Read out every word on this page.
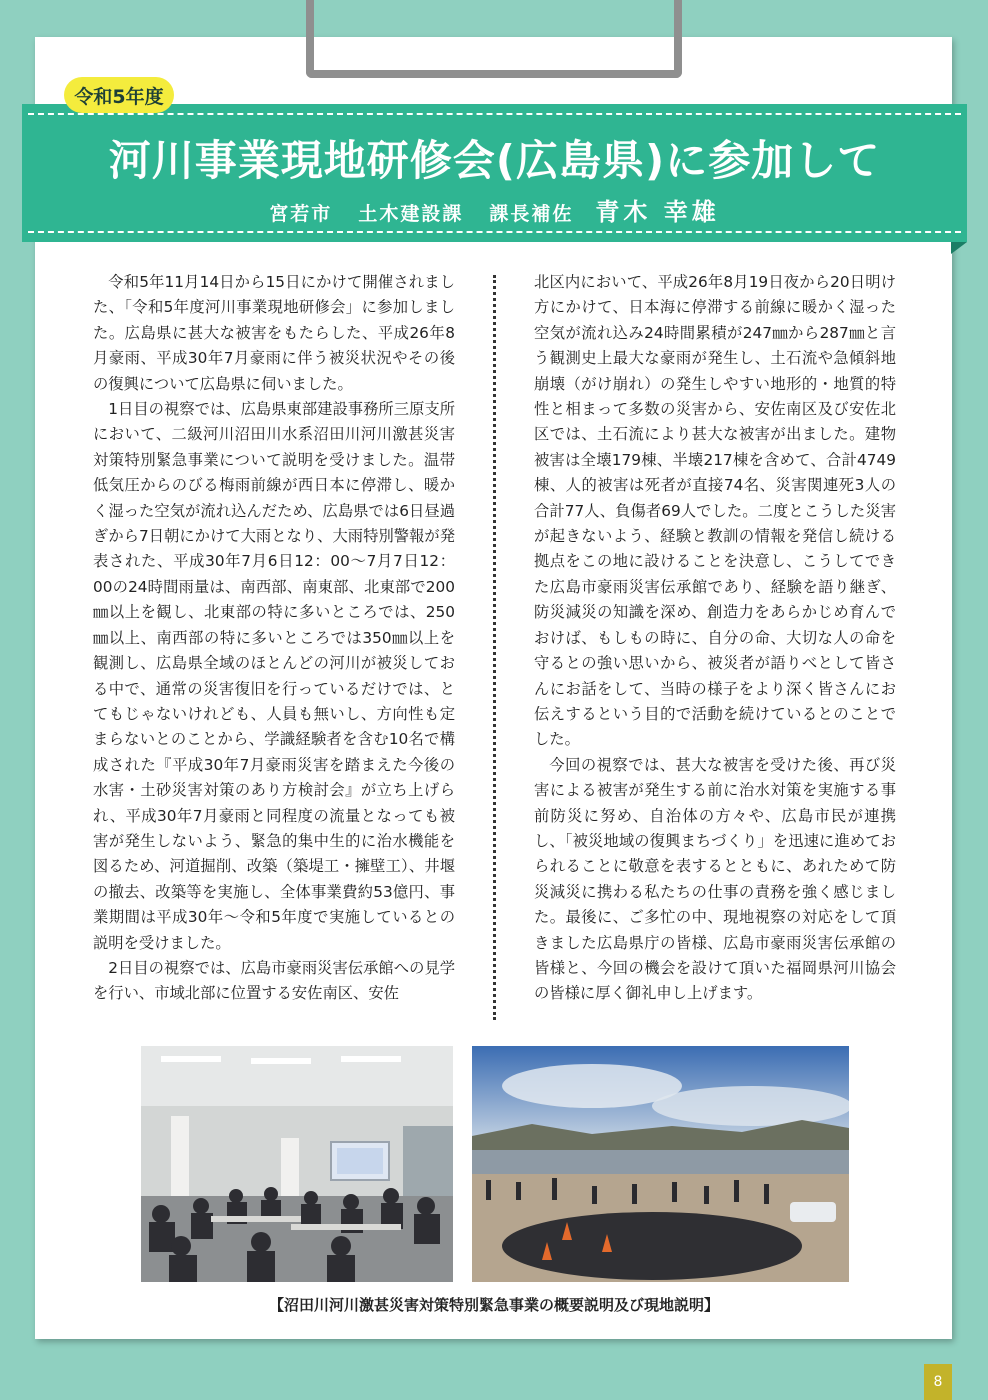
令和5年度
河川事業現地研修会(広島県)に参加して
宮若市 土木建設課 課長補佐 青木 幸雄

令和5年11月14日から15日にかけて開催されました、「令和5年度河川事業現地研修会」に参加しました。広島県に甚大な被害をもたらした、平成26年8月豪雨、平成30年7月豪雨に伴う被災状況やその後の復興について広島県に伺いました。

1日目の視察では、広島県東部建設事務所三原支所において、二級河川沼田川水系沼田川河川激甚災害対策特別緊急事業について説明を受けました。温帯低気圧からのびる梅雨前線が西日本に停滞し、暖かく湿った空気が流れ込んだため、広島県では6日昼過ぎから7日朝にかけて大雨となり、大雨特別警報が発表された、平成30年7月6日12：00～7月7日12：00の24時間雨量は、南西部、南東部、北東部で200㎜以上を観し、北東部の特に多いところでは、250㎜以上、南西部の特に多いところでは350㎜以上を観測し、広島県全域のほとんどの河川が被災しておる中で、通常の災害復旧を行っているだけでは、とてもじゃないけれども、人員も無いし、方向性も定まらないとのことから、学識経験者を含む10名で構成された『平成30年7月豪雨災害を踏まえた今後の水害・土砂災害対策のあり方検討会』が立ち上げられ、平成30年7月豪雨と同程度の流量となっても被害が発生しないよう、緊急的集中生的に治水機能を図るため、河道掘削、改築（築堤工・擁壁工）、井堰の撤去、改築等を実施し、全体事業費約53億円、事業期間は平成30年～令和5年度で実施しているとの説明を受けました。

2日目の視察では、広島市豪雨災害伝承館への見学を行い、市域北部に位置する安佐南区、安佐

北区内において、平成26年8月19日夜から20日明け方にかけて、日本海に停滞する前線に暖かく湿った空気が流れ込み24時間累積が247㎜から287㎜と言う観測史上最大な豪雨が発生し、土石流や急傾斜地崩壊（がけ崩れ）の発生しやすい地形的・地質的特性と相まって多数の災害から、安佐南区及び安佐北区では、土石流により甚大な被害が出ました。建物被害は全壊179棟、半壊217棟を含めて、合計4749棟、人的被害は死者が直接74名、災害関連死3人の合計77人、負傷者69人でした。二度とこうした災害が起きないよう、経験と教訓の情報を発信し続ける拠点をこの地に設けることを決意し、こうしてできた広島市豪雨災害伝承館であり、経験を語り継ぎ、防災減災の知識を深め、創造力をあらかじめ育んでおけば、もしもの時に、自分の命、大切な人の命を守るとの強い思いから、被災者が語りべとして皆さんにお話をして、当時の様子をより深く皆さんにお伝えするという目的で活動を続けているとのことでした。

今回の視察では、甚大な被害を受けた後、再び災害による被害が発生する前に治水対策を実施する事前防災に努め、自治体の方々や、広島市民が連携し、「被災地域の復興まちづくり」を迅速に進めておられることに敬意を表するとともに、あれためて防災減災に携わる私たちの仕事の責務を強く感じました。最後に、ご多忙の中、現地視察の対応をして頂きました広島県庁の皆様、広島市豪雨災害伝承館の皆様と、今回の機会を設けて頂いた福岡県河川協会の皆様に厚く御礼申し上げます。

【沼田川河川激甚災害対策特別緊急事業の概要説明及び現地説明】
8
